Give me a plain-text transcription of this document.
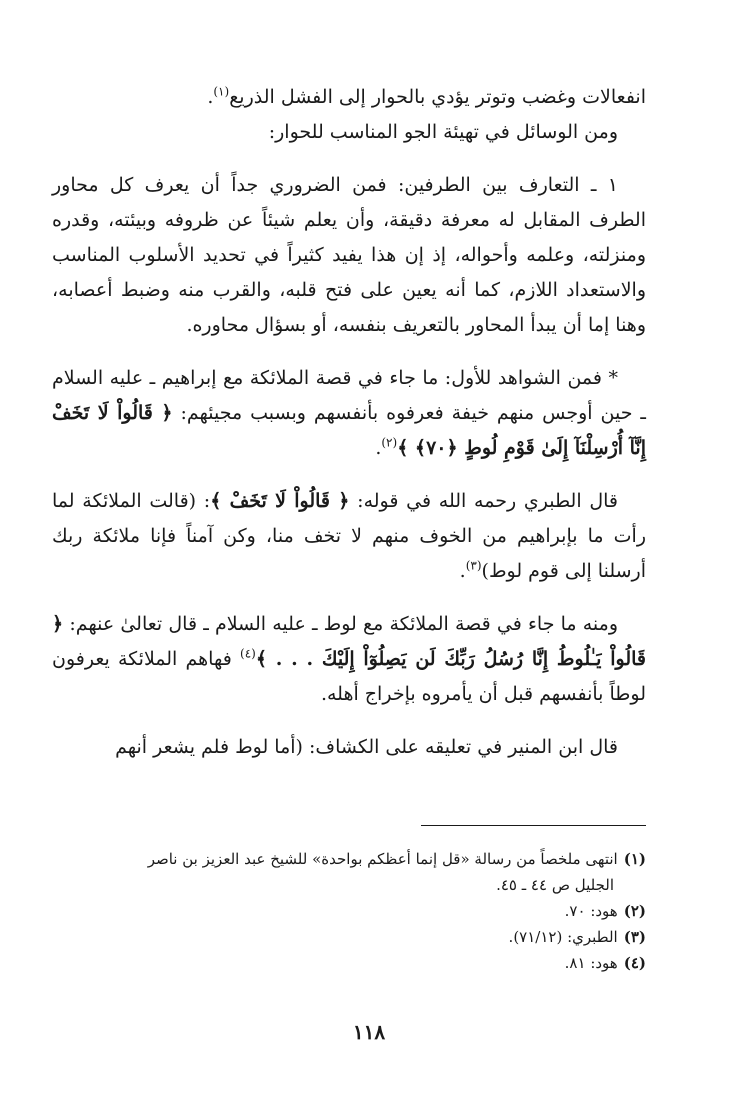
انفعالات وغضب وتوتر يؤدي بالحوار إلى الفشل الذريع$^{(١)}$.

ومن الوسائل في تهيئة الجو المناسب للحوار:

١ ـ التعارف بين الطرفين: فمن الضروري جداً أن يعرف كل محاور الطرف المقابل له معرفة دقيقة، وأن يعلم شيئاً عن ظروفه وبيئته، وقدره ومنزلته، وعلمه وأحواله، إذ إن هذا يفيد كثيراً في تحديد الأسلوب المناسب والاستعداد اللازم، كما أنه يعين على فتح قلبه، والقرب منه وضبط أعصابه، وهنا إما أن يبدأ المحاور بالتعريف بنفسه، أو بسؤال محاوره.

* فمن الشواهد للأول: ما جاء في قصة الملائكة مع إبراهيم ـ عليه السلام ـ حين أوجس منهم خيفة فعرفوه بأنفسهم وبسبب مجيئهم: ﴿ قَالُواْ لَا تَخَفْ إِنَّآ أُرْسِلْنَآ إِلَىٰ قَوْمِ لُوطٍ ﴿٧٠﴾ ﴾$^{(٢)}$.

قال الطبري رحمه الله في قوله: ﴿ قَالُواْ لَا تَخَفْ ﴾: (قالت الملائكة لما رأت ما بإبراهيم من الخوف منهم لا تخف منا، وكن آمناً فإنا ملائكة ربك أرسلنا إلى قوم لوط)$^{(٣)}$.

ومنه ما جاء في قصة الملائكة مع لوط ـ عليه السلام ـ قال تعالىٰ عنهم: ﴿ قَالُواْ يَـٰلُوطُ إِنَّا رُسُلُ رَبِّكَ لَن يَصِلُوٓاْ إِلَيْكَ . . . ﴾$^{(٤)}$ فهاهم الملائكة يعرفون لوطاً بأنفسهم قبل أن يأمروه بإخراج أهله.

قال ابن المنير في تعليقه على الكشاف: (أما لوط فلم يشعر أنهم

(١)انتهى ملخصاً من رسالة «قل إنما أعظكم بواحدة» للشيخ عبد العزيز بن ناصر

الجليل ص ٤٤ ـ ٤٥.

(٢)هود: ٧٠.

(٣)الطبري: (٧١/١٢).

(٤)هود: ٨١.

١١٨
